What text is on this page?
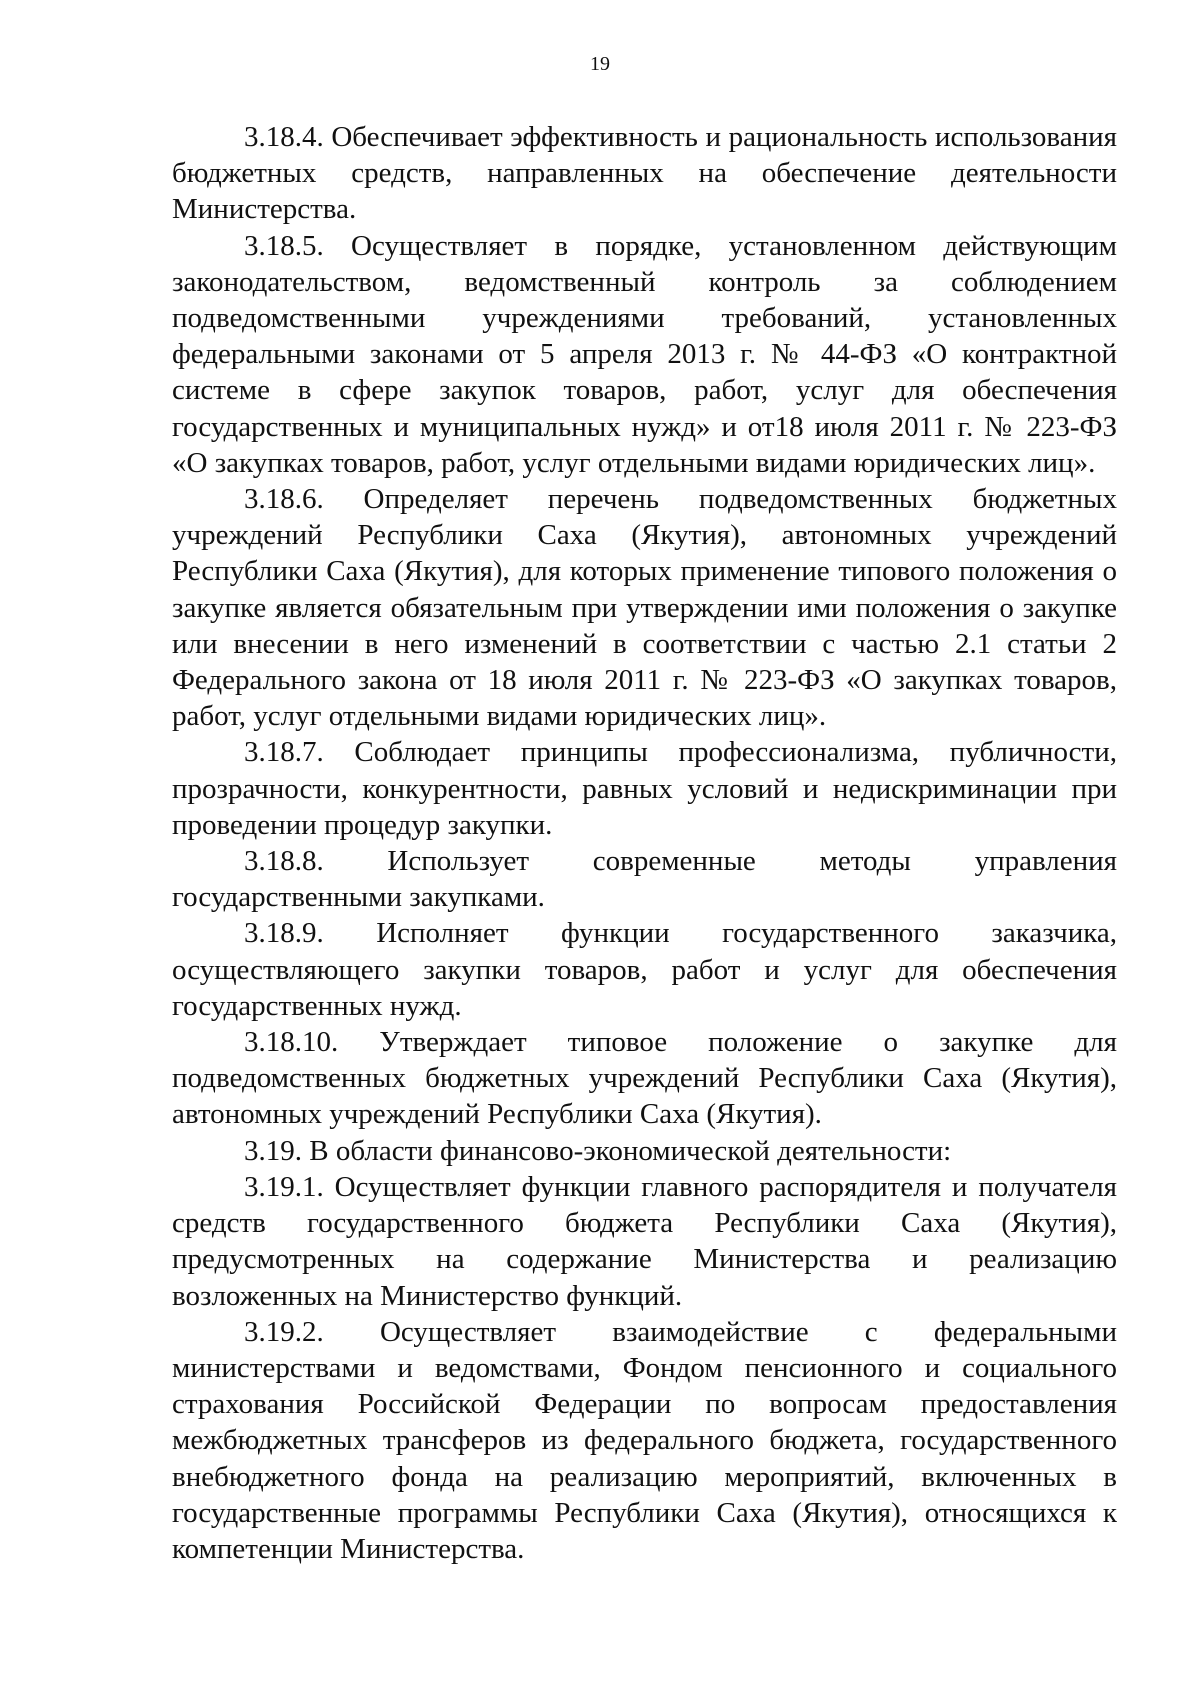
19

3.18.4. Обеспечивает эффективность и рациональность использования бюджетных средств, направленных на обеспечение деятельности Министерства.

3.18.5. Осуществляет в порядке, установленном действующим законодательством, ведомственный контроль за соблюдением подведомственными учреждениями требований, установленных федеральными законами от 5 апреля 2013 г. № 44-ФЗ «О контрактной системе в сфере закупок товаров, работ, услуг для обеспечения государственных и муниципальных нужд» и от18 июля 2011 г. № 223-ФЗ «О закупках товаров, работ, услуг отдельными видами юридических лиц».

3.18.6. Определяет перечень подведомственных бюджетных учреждений Республики Саха (Якутия), автономных учреждений Республики Саха (Якутия), для которых применение типового положения о закупке является обязательным при утверждении ими положения о закупке или внесении в него изменений в соответствии с частью 2.1 статьи 2 Федерального закона от 18 июля 2011 г. № 223-ФЗ «О закупках товаров, работ, услуг отдельными видами юридических лиц».

3.18.7. Соблюдает принципы профессионализма, публичности, прозрачности, конкурентности, равных условий и недискриминации при проведении процедур закупки.

3.18.8. Использует современные методы управления государственными закупками.

3.18.9. Исполняет функции государственного заказчика, осуществляющего закупки товаров, работ и услуг для обеспечения государственных нужд.

3.18.10. Утверждает типовое положение о закупке для подведомственных бюджетных учреждений Республики Саха (Якутия), автономных учреждений Республики Саха (Якутия).

3.19. В области финансово-экономической деятельности:

3.19.1. Осуществляет функции главного распорядителя и получателя средств государственного бюджета Республики Саха (Якутия), предусмотренных на содержание Министерства и реализацию возложенных на Министерство функций.

3.19.2. Осуществляет взаимодействие с федеральными министерствами и ведомствами, Фондом пенсионного и социального страхования Российской Федерации по вопросам предоставления межбюджетных трансферов из федерального бюджета, государственного внебюджетного фонда на реализацию мероприятий, включенных в государственные программы Республики Саха (Якутия), относящихся к компетенции Министерства.
